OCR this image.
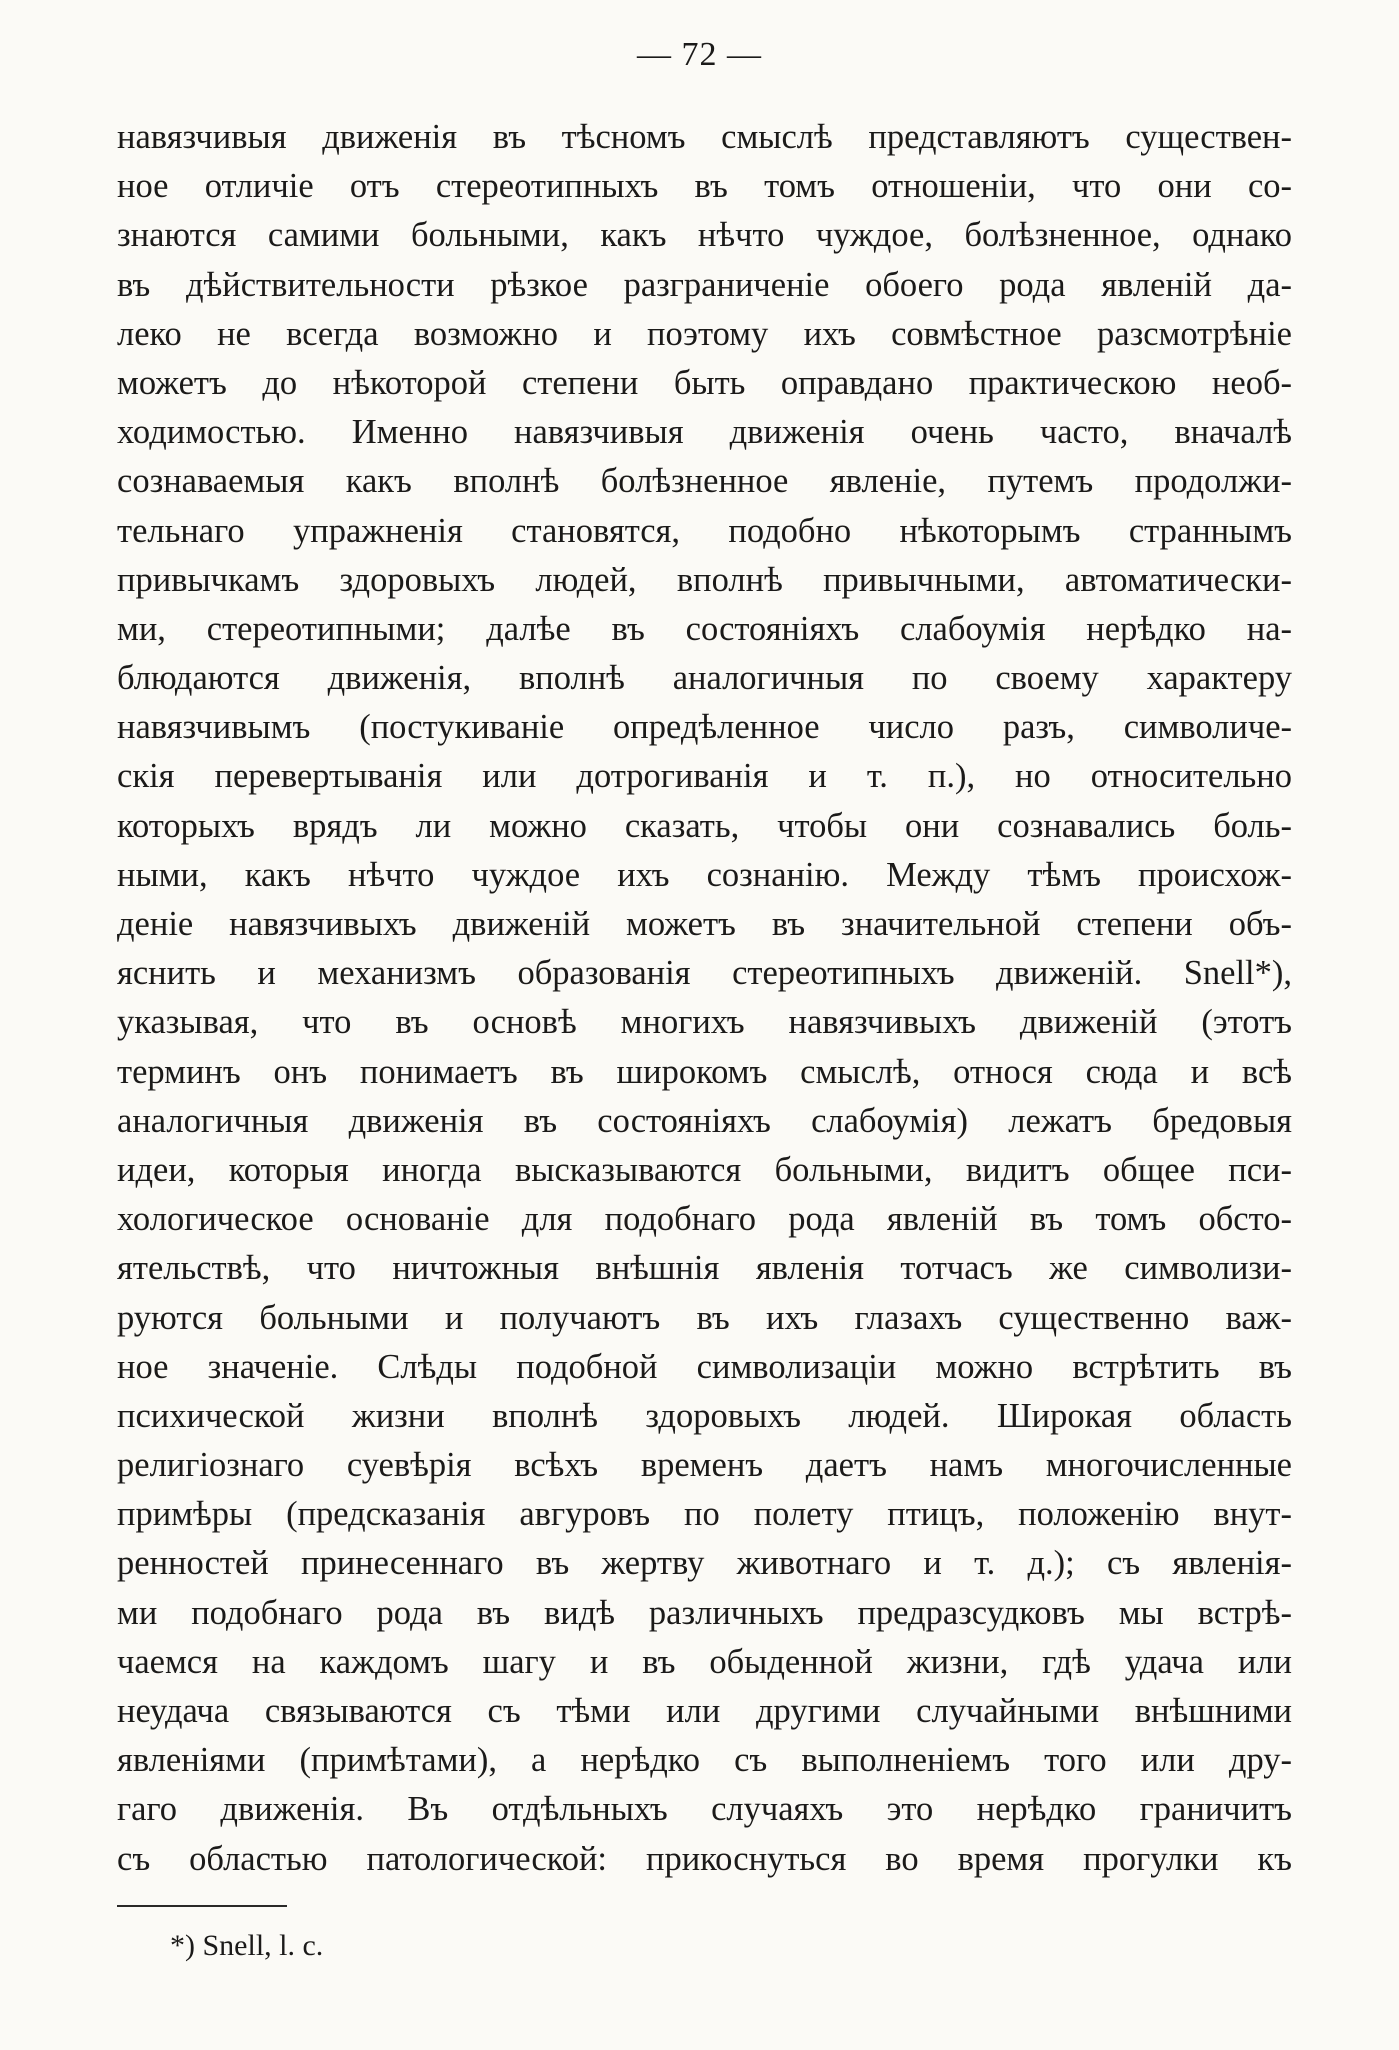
— 72 —
навязчивыя движенія въ тѣсномъ смыслѣ представляютъ существен-
ное отличіе отъ стереотипныхъ въ томъ отношеніи, что они со-
знаются самими больными, какъ нѣчто чуждое, болѣзненное, однако
въ дѣйствительности рѣзкое разграниченіе обоего рода явленій да-
леко не всегда возможно и поэтому ихъ совмѣстное разсмотрѣніе
можетъ до нѣкоторой степени быть оправдано практическою необ-
ходимостью. Именно навязчивыя движенія очень часто, вначалѣ
сознаваемыя какъ вполнѣ болѣзненное явленіе, путемъ продолжи-
тельнаго упражненія становятся, подобно нѣкоторымъ страннымъ
привычкамъ здоровыхъ людей, вполнѣ привычными, автоматически-
ми, стереотипными; далѣе въ состояніяхъ слабоумія нерѣдко на-
блюдаются движенія, вполнѣ аналогичныя по своему характеру
навязчивымъ (постукиваніе опредѣленное число разъ, символиче-
скія перевертыванія или дотрогиванія и т. п.), но относительно
которыхъ врядъ ли можно сказать, чтобы они сознавались боль-
ными, какъ нѣчто чуждое ихъ сознанію. Между тѣмъ происхож-
деніе навязчивыхъ движеній можетъ въ значительной степени объ-
яснить и механизмъ образованія стереотипныхъ движеній. Snell*),
указывая, что въ основѣ многихъ навязчивыхъ движеній (этотъ
терминъ онъ понимаетъ въ широкомъ смыслѣ, относя сюда и всѣ
аналогичныя движенія въ состояніяхъ слабоумія) лежатъ бредовыя
идеи, которыя иногда высказываются больными, видитъ общее пси-
хологическое основаніе для подобнаго рода явленій въ томъ обсто-
ятельствѣ, что ничтожныя внѣшнія явленія тотчасъ же символизи-
руются больными и получаютъ въ ихъ глазахъ существенно важ-
ное значеніе. Слѣды подобной символизаціи можно встрѣтить въ
психической жизни вполнѣ здоровыхъ людей. Широкая область
религіознаго суевѣрія всѣхъ временъ даетъ намъ многочисленные
примѣры (предсказанія авгуровъ по полету птицъ, положенію внут-
ренностей принесеннаго въ жертву животнаго и т. д.); съ явленія-
ми подобнаго рода въ видѣ различныхъ предразсудковъ мы встрѣ-
чаемся на каждомъ шагу и въ обыденной жизни, гдѣ удача или
неудача связываются съ тѣми или другими случайными внѣшними
явленіями (примѣтами), а нерѣдко съ выполненіемъ того или дру-
гаго движенія. Въ отдѣльныхъ случаяхъ это нерѣдко граничитъ
съ областью патологической: прикоснуться во время прогулки къ
*) Snell, l. c.
